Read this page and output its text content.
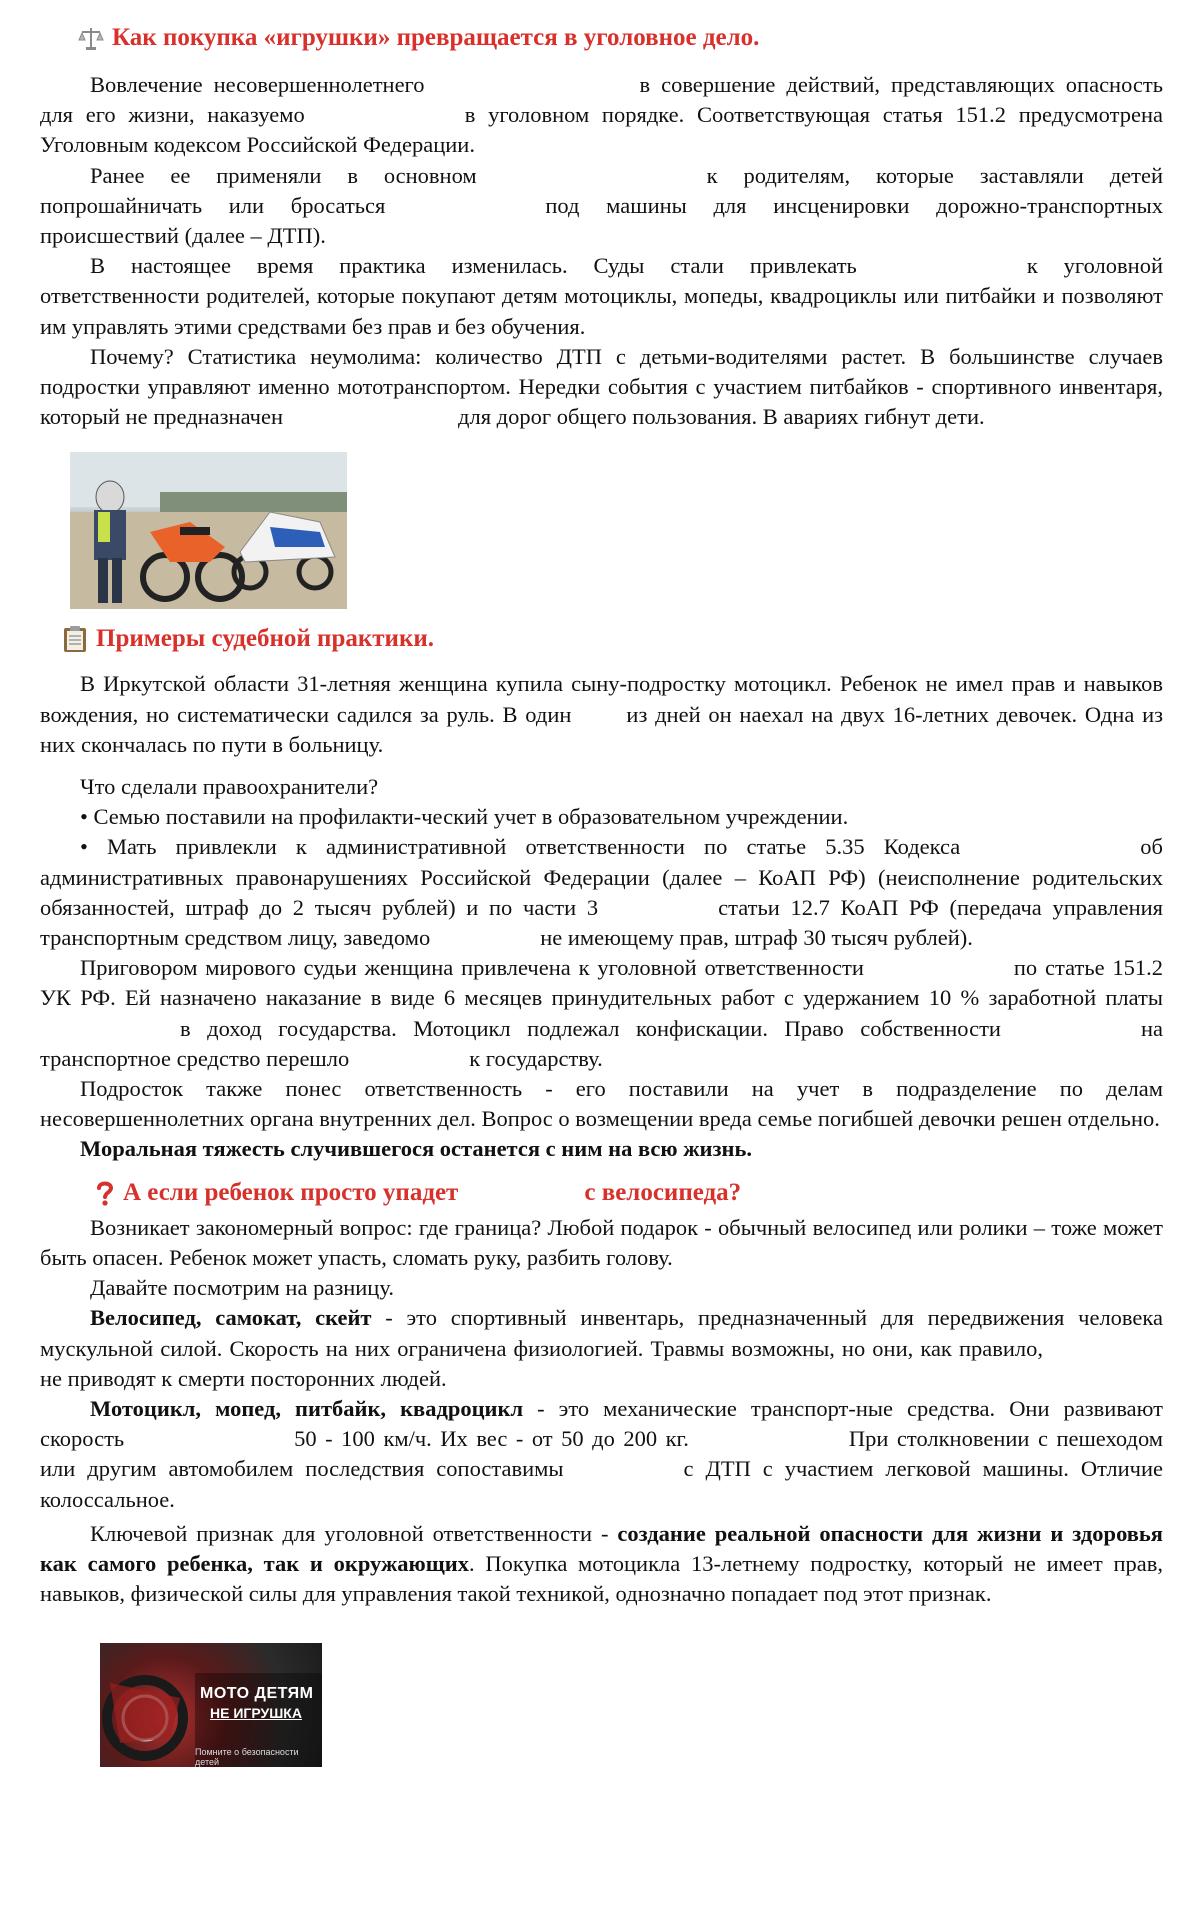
Как покупка «игрушки» превращается в уголовное дело.

Вовлечение несовершеннолетнего	в совершение действий, представляющих опасность для его жизни, наказуемо	в уголовном порядке. Соответствующая статья 151.2 предусмотрена Уголовным кодексом Российской Федерации.

Ранее ее применяли в основном	к родителям, которые заставляли детей попрошайничать или бросаться	под машины для инсценировки дорожно-транспортных происшествий (далее – ДТП).

В настоящее время практика изменилась. Суды стали привлекать	к уголовной ответственности родителей, которые покупают детям мотоциклы, мопеды, квадроциклы или питбайки и позволяют им управлять этими средствами без прав и без обучения.

Почему? Статистика неумолима: количество ДТП с детьми-водителями растет. В большинстве случаев подростки управляют именно мототранспортом. Нередки события с участием питбайков - спортивного инвентаря, который не предназначен	для дорог общего пользования. В авариях гибнут дети.

Примеры судебной практики.

В Иркутской области 31-летняя женщина купила сыну-подростку мотоцикл. Ребенок не имел прав и навыков вождения, но систематически садился за руль. В один из дней он наехал на двух 16-летних девочек. Одна из них скончалась по пути в больницу.

Что сделали правоохранители?

• Семью поставили на профилакти-ческий учет в образовательном учреждении.

• Мать привлекли к административной ответственности по статье 5.35 Кодекса	об административных правонарушениях Российской Федерации (далее – КоАП РФ) (неисполнение родительских обязанностей, штраф до 2 тысяч рублей) и по части 3	статьи 12.7 КоАП РФ (передача управления транспортным средством лицу, заведомо	не имеющему прав, штраф 30 тысяч рублей).

Приговором мирового судьи женщина привлечена к уголовной ответственности	по статье 151.2 УК РФ. Ей назначено наказание в виде 6 месяцев принудительных работ с удержанием 10 % заработной платыв доход государства. Мотоцикл подлежал конфискации. Право собственности	на транспортное средство перешло	к государству.

Подросток также понес ответственность - его поставили на учет в подразделение по делам несовершеннолетних органа внутренних дел. Вопрос о возмещении вреда семье погибшей девочки решен отдельно.

Моральная тяжесть случившегося останется с ним на всю жизнь.

А если ребенок просто упадет	с велосипеда?

Возникает закономерный вопрос: где граница? Любой подарок - обычный велосипед или ролики – тоже может быть опасен. Ребенок может упасть, сломать руку, разбить голову.

Давайте посмотрим на разницу.

Велосипед, самокат, скейт - это спортивный инвентарь, предназначенный для передвижения человека мускульной силой. Скорость на них ограничена физиологией. Травмы возможны, но они, как правило,не приводят к смерти посторонних людей.

Мотоцикл, мопед, питбайк, квадроцикл - это механические транспорт-ные средства. Они развивают скорость	50 - 100 км/ч. Их вес - от 50 до 200 кг.	При столкновении с пешеходом или другим автомобилем последствия сопоставимы	с ДТП с участием легковой машины. Отличие колоссальное.

Ключевой признак для уголовной ответственности - создание реальной опасности для жизни и здоровья как самого ребенка, так и окружающих. Покупка мотоцикла 13-летнему подростку, который не имеет прав, навыков, физической силы для управления такой техникой, однозначно попадает под этот признак.

МОТО ДЕТЯМ
НЕ ИГРУШКА
Помните о безопасности детей
